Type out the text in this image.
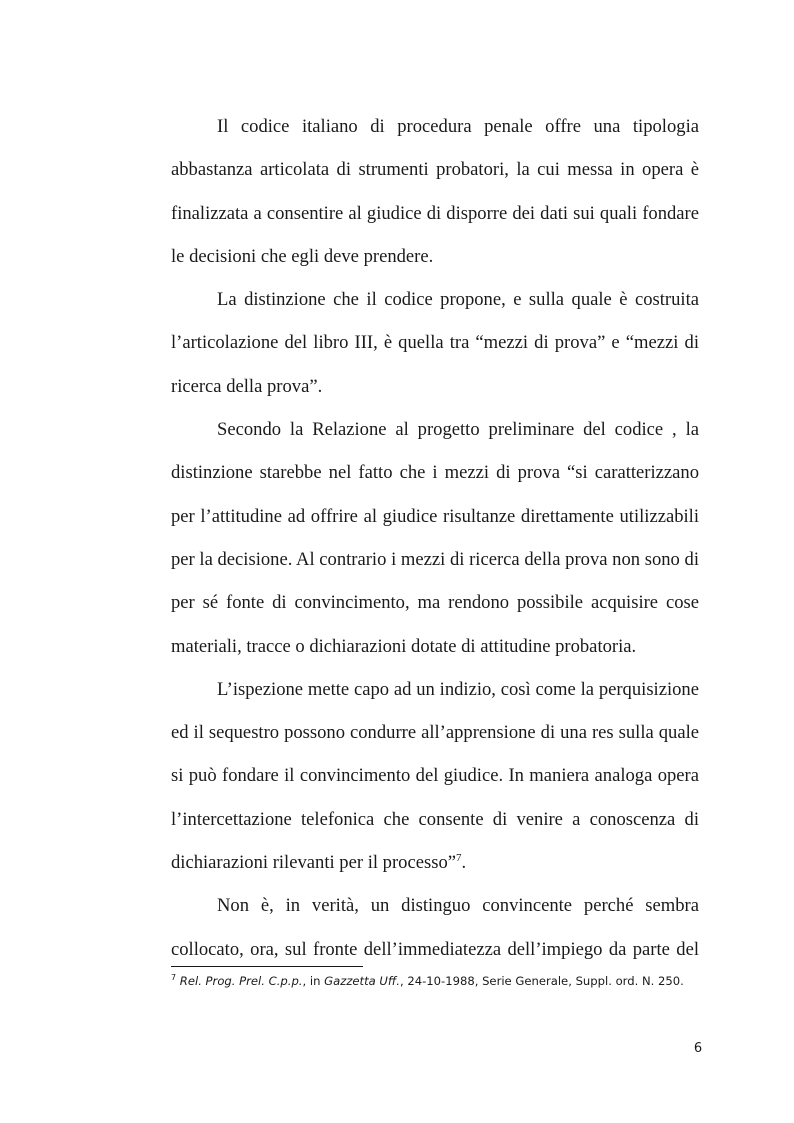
Il codice italiano di procedura penale offre una tipologia abbastanza articolata di strumenti probatori, la cui messa in opera è finalizzata a consentire al giudice di disporre dei dati sui quali fondare le decisioni che egli deve prendere.

La distinzione che il codice propone, e sulla quale è costruita l’articolazione del libro III, è quella tra “mezzi di prova” e “mezzi di ricerca della prova”.

Secondo la Relazione al progetto preliminare del codice , la distinzione starebbe nel fatto che i mezzi di prova “si caratterizzano per l’attitudine ad offrire al giudice risultanze direttamente utilizzabili per la decisione. Al contrario i mezzi di ricerca della prova non sono di per sé fonte di convincimento, ma rendono possibile acquisire cose materiali, tracce o dichiarazioni dotate di attitudine probatoria.

L’ispezione mette capo ad un indizio, così come la perquisizione ed il sequestro possono condurre all’apprensione di una res sulla quale si può fondare il convincimento del giudice. In maniera analoga opera l’intercettazione telefonica che consente di venire a conoscenza di dichiarazioni rilevanti per il processo”$^7$.

Non è, in verità, un distinguo convincente perché sembra collocato, ora, sul fronte dell’immediatezza dell’impiego da parte del

$^7$ Rel. Prog. Prel. C.p.p., in Gazzetta Uff., 24-10-1988, Serie Generale, Suppl. ord. N. 250.
6
